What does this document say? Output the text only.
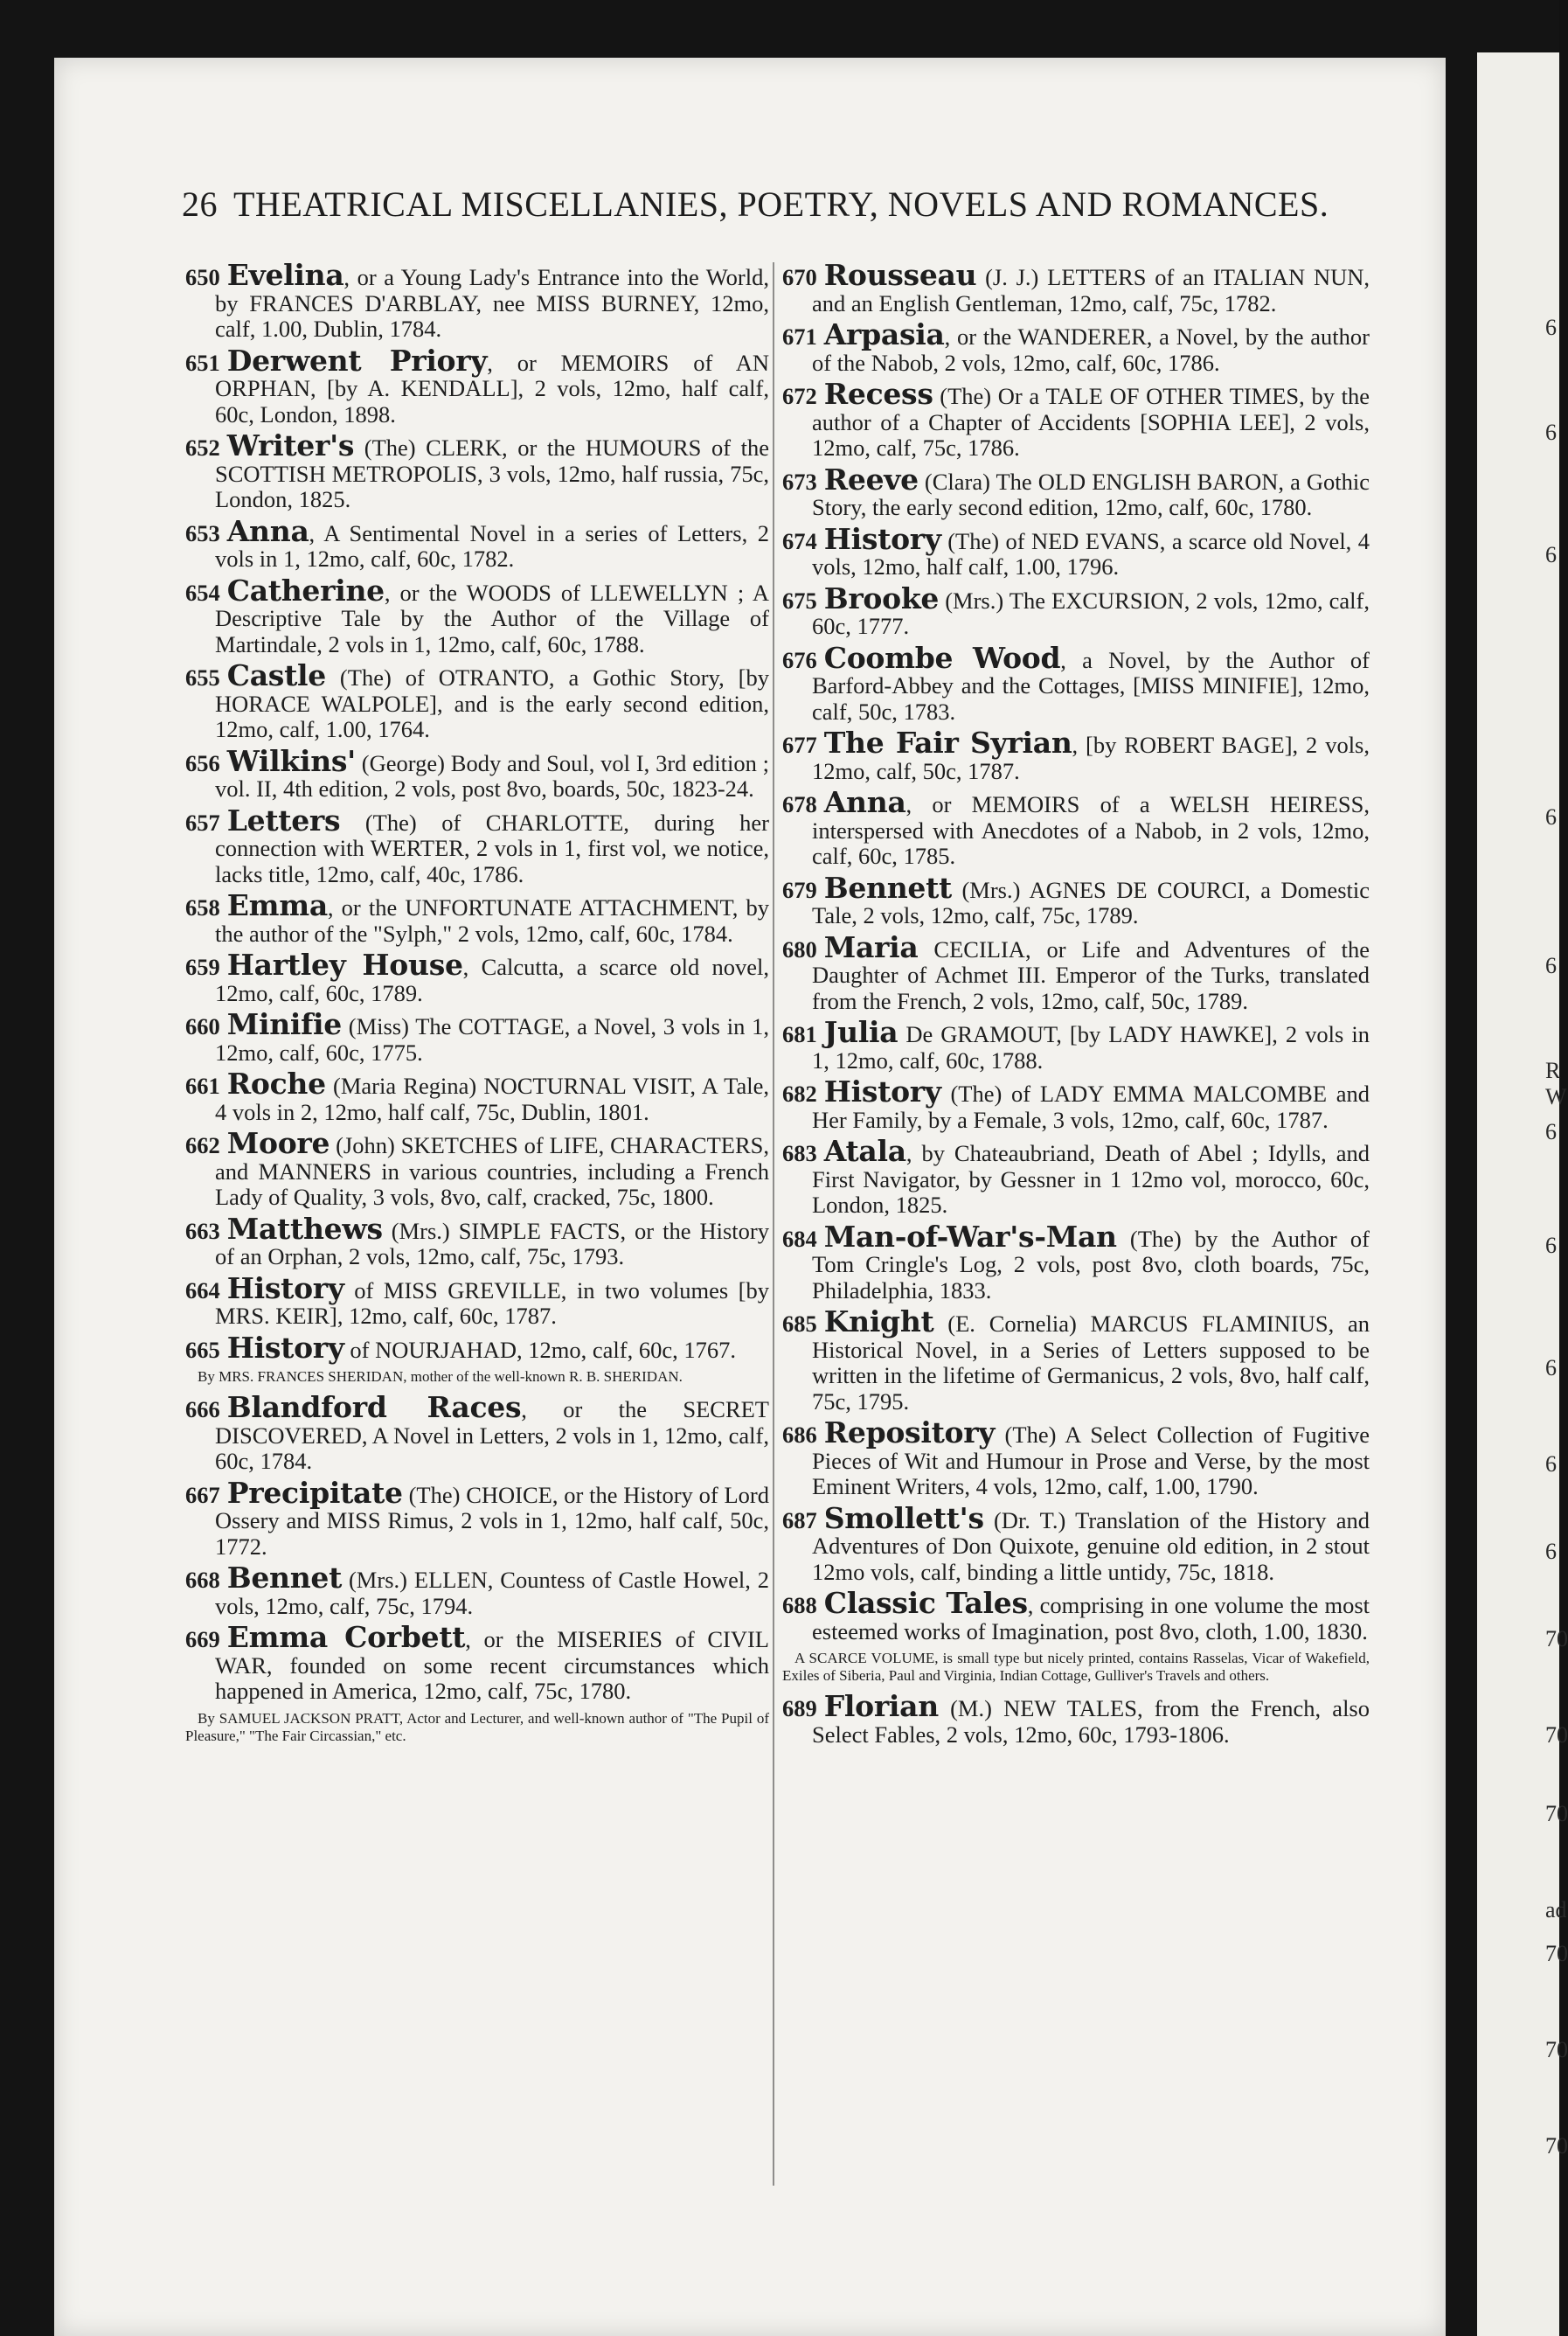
6
6
6
6
6
R
W
6
6
6
6
6
70
70
70
ad
70
70
70
26 THEATRICAL MISCELLANIES, POETRY, NOVELS AND ROMANCES.

650 Evelina, or a Young Lady's Entrance into the World, by FRANCES D'ARBLAY, nee MISS BURNEY, 12mo, calf, 1.00, Dublin, 1784.

651 Derwent Priory, or MEMOIRS of AN ORPHAN, [by A. KENDALL], 2 vols, 12mo, half calf, 60c, London, 1898.

652 Writer's (The) CLERK, or the HUMOURS of the SCOTTISH METROPOLIS, 3 vols, 12mo, half russia, 75c, London, 1825.

653 Anna, A Sentimental Novel in a series of Letters, 2 vols in 1, 12mo, calf, 60c, 1782.

654 Catherine, or the WOODS of LLEWELLYN ; A Descriptive Tale by the Author of the Village of Martindale, 2 vols in 1, 12mo, calf, 60c, 1788.

655 Castle (The) of OTRANTO, a Gothic Story, [by HORACE WALPOLE], and is the early second edition, 12mo, calf, 1.00, 1764.

656 Wilkins' (George) Body and Soul, vol I, 3rd edition ; vol. II, 4th edition, 2 vols, post 8vo, boards, 50c, 1823-24.

657 Letters (The) of CHARLOTTE, during her connection with WERTER, 2 vols in 1, first vol, we notice, lacks title, 12mo, calf, 40c, 1786.

658 Emma, or the UNFORTUNATE ATTACHMENT, by the author of the "Sylph," 2 vols, 12mo, calf, 60c, 1784.

659 Hartley House, Calcutta, a scarce old novel, 12mo, calf, 60c, 1789.

660 Minifie (Miss) The COTTAGE, a Novel, 3 vols in 1, 12mo, calf, 60c, 1775.

661 Roche (Maria Regina) NOCTURNAL VISIT, A Tale, 4 vols in 2, 12mo, half calf, 75c, Dublin, 1801.

662 Moore (John) SKETCHES of LIFE, CHARACTERS, and MANNERS in various countries, including a French Lady of Quality, 3 vols, 8vo, calf, cracked, 75c, 1800.

663 Matthews (Mrs.) SIMPLE FACTS, or the History of an Orphan, 2 vols, 12mo, calf, 75c, 1793.

664 History of MISS GREVILLE, in two volumes [by MRS. KEIR], 12mo, calf, 60c, 1787.

665 History of NOURJAHAD, 12mo, calf, 60c, 1767.

By MRS. FRANCES SHERIDAN, mother of the well-known R. B. SHERIDAN.

666 Blandford Races, or the SECRET DISCOVERED, A Novel in Letters, 2 vols in 1, 12mo, calf, 60c, 1784.

667 Precipitate (The) CHOICE, or the History of Lord Ossery and MISS Rimus, 2 vols in 1, 12mo, half calf, 50c, 1772.

668 Bennet (Mrs.) ELLEN, Countess of Castle Howel, 2 vols, 12mo, calf, 75c, 1794.

669 Emma Corbett, or the MISERIES of CIVIL WAR, founded on some recent circumstances which happened in America, 12mo, calf, 75c, 1780.

By SAMUEL JACKSON PRATT, Actor and Lecturer, and well-known author of "The Pupil of Pleasure," "The Fair Circassian," etc.

670 Rousseau (J. J.) LETTERS of an ITALIAN NUN, and an English Gentleman, 12mo, calf, 75c, 1782.

671 Arpasia, or the WANDERER, a Novel, by the author of the Nabob, 2 vols, 12mo, calf, 60c, 1786.

672 Recess (The) Or a TALE OF OTHER TIMES, by the author of a Chapter of Accidents [SOPHIA LEE], 2 vols, 12mo, calf, 75c, 1786.

673 Reeve (Clara) The OLD ENGLISH BARON, a Gothic Story, the early second edition, 12mo, calf, 60c, 1780.

674 History (The) of NED EVANS, a scarce old Novel, 4 vols, 12mo, half calf, 1.00, 1796.

675 Brooke (Mrs.) The EXCURSION, 2 vols, 12mo, calf, 60c, 1777.

676 Coombe Wood, a Novel, by the Author of Barford-Abbey and the Cottages, [MISS MINIFIE], 12mo, calf, 50c, 1783.

677 The Fair Syrian, [by ROBERT BAGE], 2 vols, 12mo, calf, 50c, 1787.

678 Anna, or MEMOIRS of a WELSH HEIRESS, interspersed with Anecdotes of a Nabob, in 2 vols, 12mo, calf, 60c, 1785.

679 Bennett (Mrs.) AGNES DE COURCI, a Domestic Tale, 2 vols, 12mo, calf, 75c, 1789.

680 Maria CECILIA, or Life and Adventures of the Daughter of Achmet III. Emperor of the Turks, translated from the French, 2 vols, 12mo, calf, 50c, 1789.

681 Julia De GRAMOUT, [by LADY HAWKE], 2 vols in 1, 12mo, calf, 60c, 1788.

682 History (The) of LADY EMMA MALCOMBE and Her Family, by a Female, 3 vols, 12mo, calf, 60c, 1787.

683 Atala, by Chateaubriand, Death of Abel ; Idylls, and First Navigator, by Gessner in 1 12mo vol, morocco, 60c, London, 1825.

684 Man-of-War's-Man (The) by the Author of Tom Cringle's Log, 2 vols, post 8vo, cloth boards, 75c, Philadelphia, 1833.

685 Knight (E. Cornelia) MARCUS FLAMINIUS, an Historical Novel, in a Series of Letters supposed to be written in the lifetime of Germanicus, 2 vols, 8vo, half calf, 75c, 1795.

686 Repository (The) A Select Collection of Fugitive Pieces of Wit and Humour in Prose and Verse, by the most Eminent Writers, 4 vols, 12mo, calf, 1.00, 1790.

687 Smollett's (Dr. T.) Translation of the History and Adventures of Don Quixote, genuine old edition, in 2 stout 12mo vols, calf, binding a little untidy, 75c, 1818.

688 Classic Tales, comprising in one volume the most esteemed works of Imagination, post 8vo, cloth, 1.00, 1830.

A SCARCE VOLUME, is small type but nicely printed, contains Rasselas, Vicar of Wakefield, Exiles of Siberia, Paul and Virginia, Indian Cottage, Gulliver's Travels and others.

689 Florian (M.) NEW TALES, from the French, also Select Fables, 2 vols, 12mo, 60c, 1793-1806.
